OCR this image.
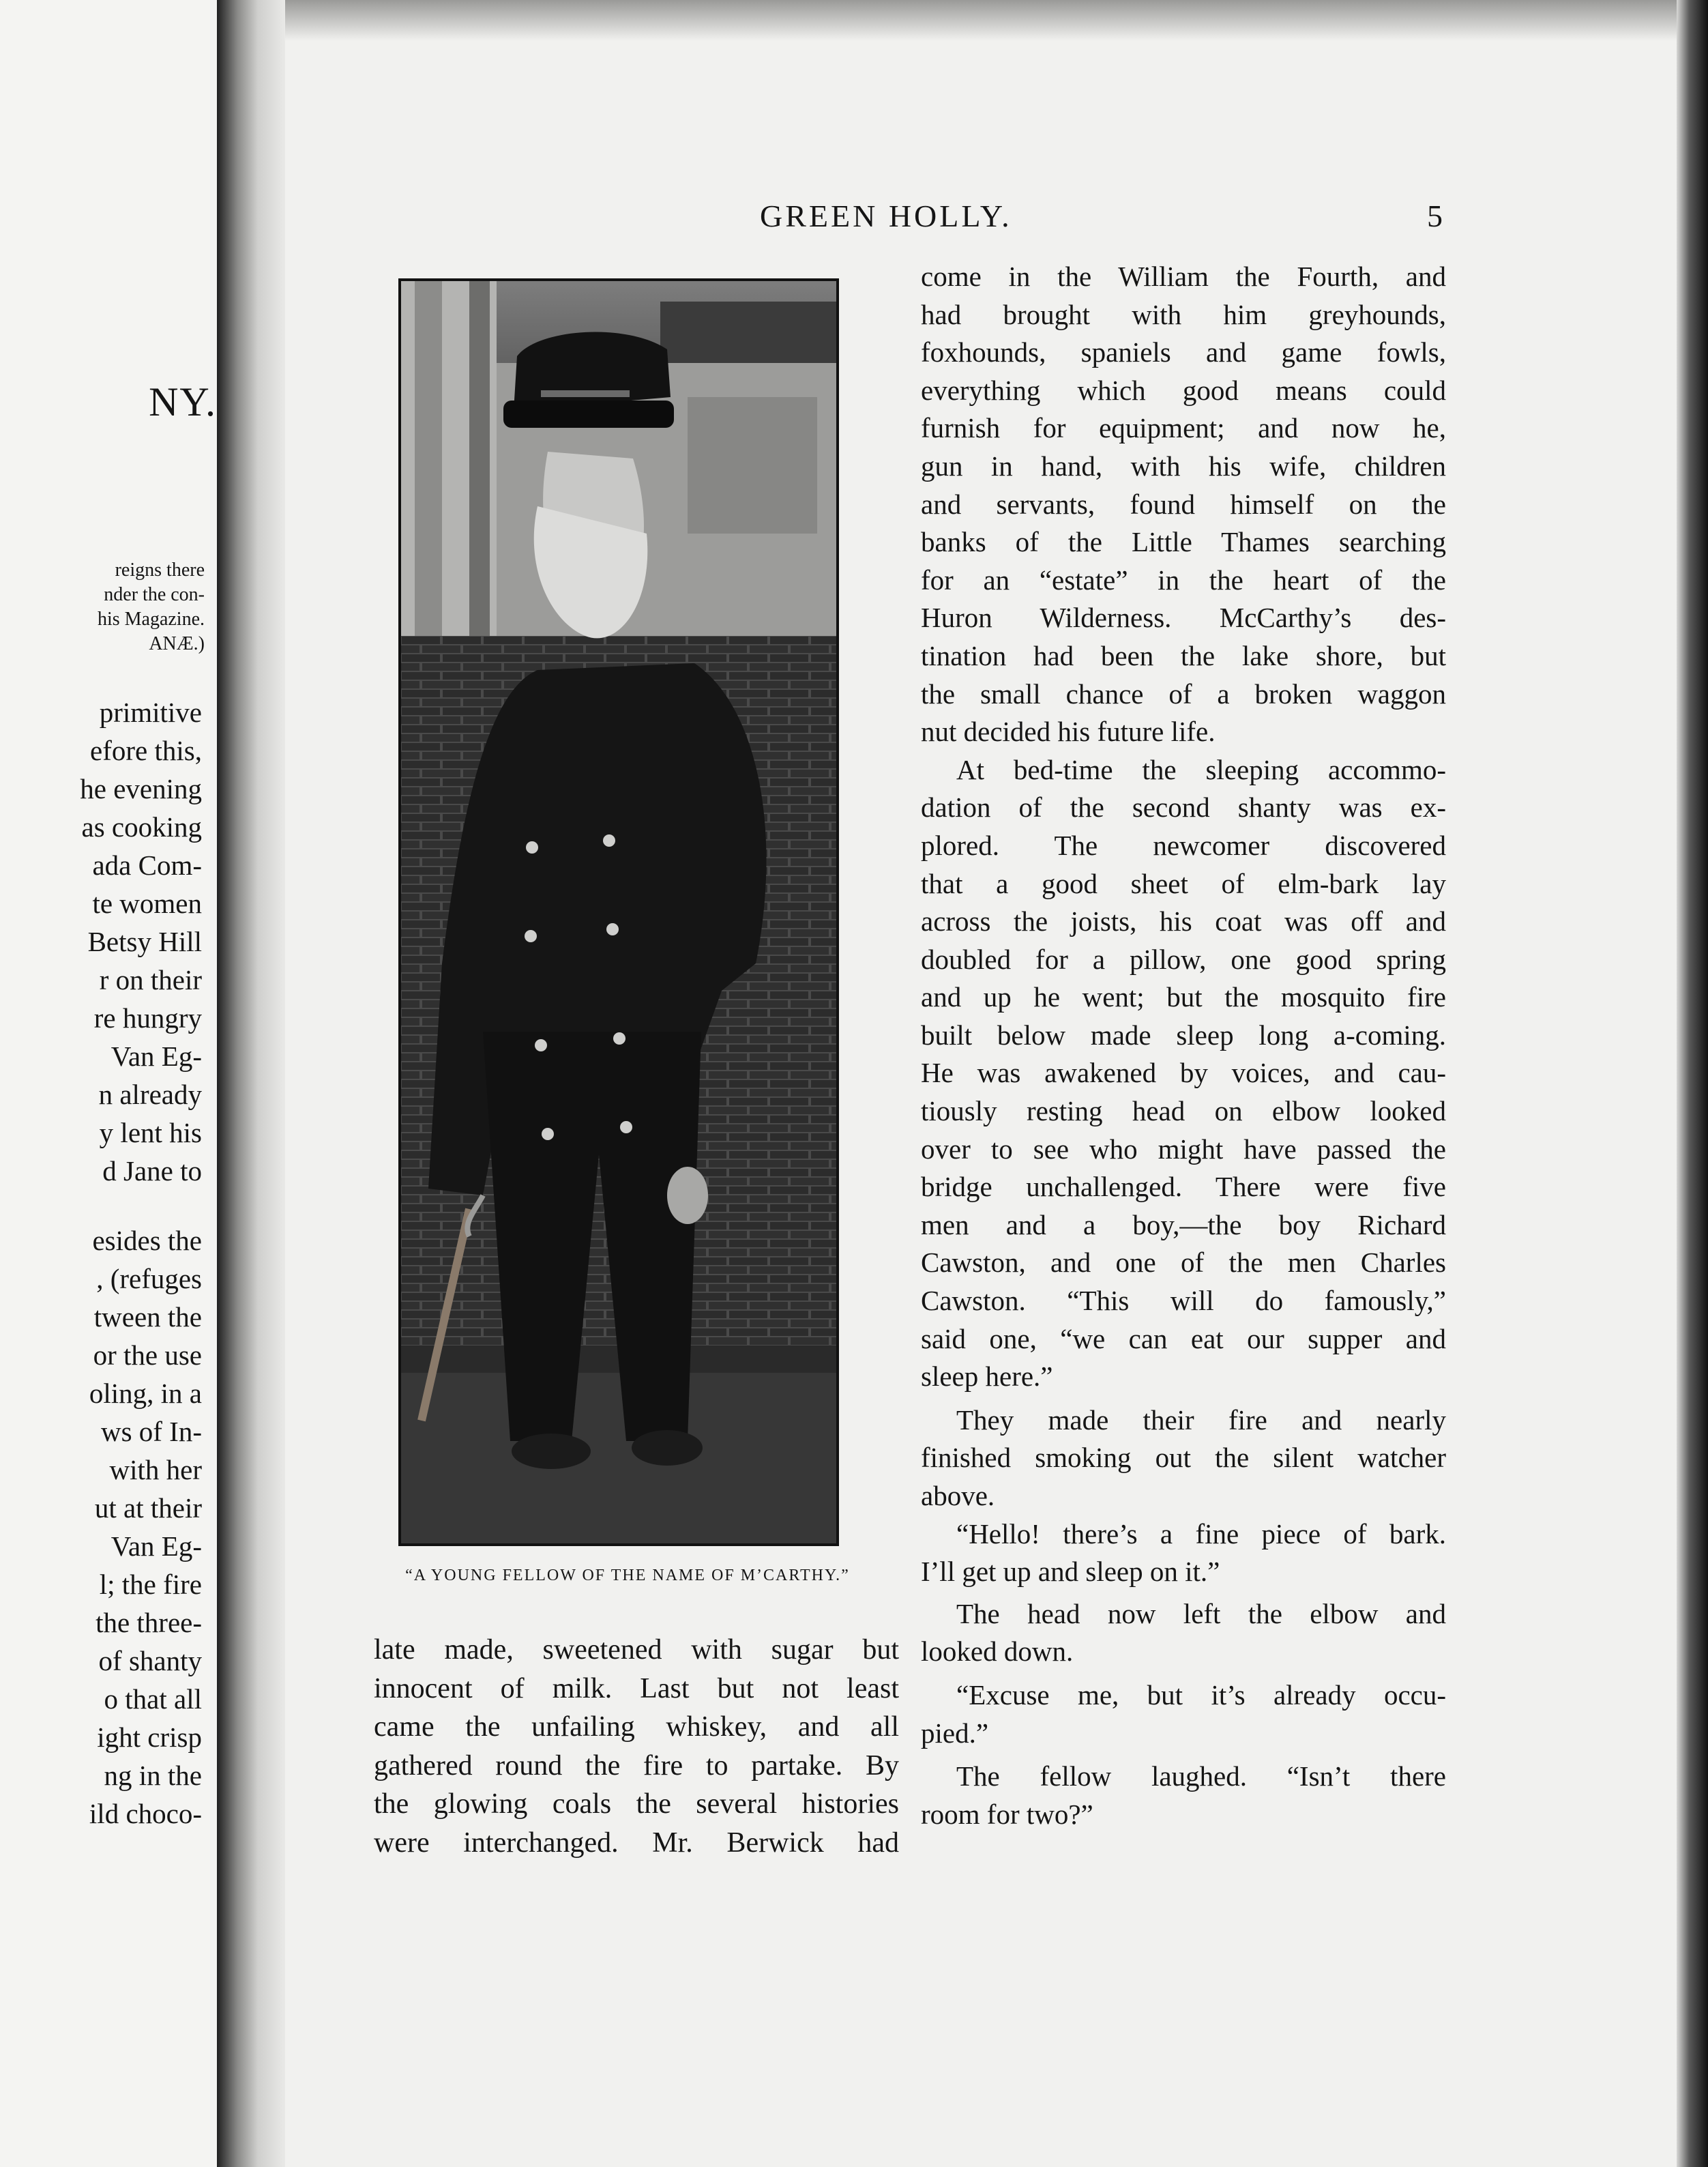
NY.
reigns there
nder the con-
his Magazine.
ANÆ.)
primitive
efore this,
he evening
as cooking
ada Com-
te women
Betsy Hill
r on their
re hungry
Van Eg-
n already
y lent his
d Jane to
esides the
, (refuges
tween the
or the use
oling, in a
ws of In-
with her
ut at their
Van Eg-
l; the fire
the three-
of shanty
o that all
ight crisp
ng in the
ild choco-
GREEN HOLLY.	5
“A YOUNG FELLOW OF THE NAME OF M’CARTHY.”
come in the William the Fourth, and
had brought with him greyhounds,
foxhounds, spaniels and game fowls,
everything which good means could
furnish for equipment; and now he,
gun in hand, with his wife, children
and servants, found himself on the
banks of the Little Thames searching
for an “estate” in the heart of the
Huron Wilderness. McCarthy’s des-
tination had been the lake shore, but
the small chance of a broken waggon
nut decided his future life.
At bed-time the sleeping accommo-
dation of the second shanty was ex-
plored. The newcomer discovered
that a good sheet of elm-bark lay
across the joists, his coat was off and
doubled for a pillow, one good spring
and up he went; but the mosquito fire
built below made sleep long a-coming.
He was awakened by voices, and cau-
tiously resting head on elbow looked
over to see who might have passed the
bridge unchallenged. There were five
men and a boy,—the boy Richard
Cawston, and one of the men Charles
Cawston. “This will do famously,”
said one, “we can eat our supper and
sleep here.”
They made their fire and nearly
finished smoking out the silent watcher
above.
“Hello! there’s a fine piece of bark.
I’ll get up and sleep on it.”
The head now left the elbow and
looked down.
“Excuse me, but it’s already occu-
pied.”
The fellow laughed. “Isn’t there
room for two?”
late made, sweetened with sugar but
innocent of milk. Last but not least
came the unfailing whiskey, and all
gathered round the fire to partake. By
the glowing coals the several histories
were interchanged. Mr. Berwick had
